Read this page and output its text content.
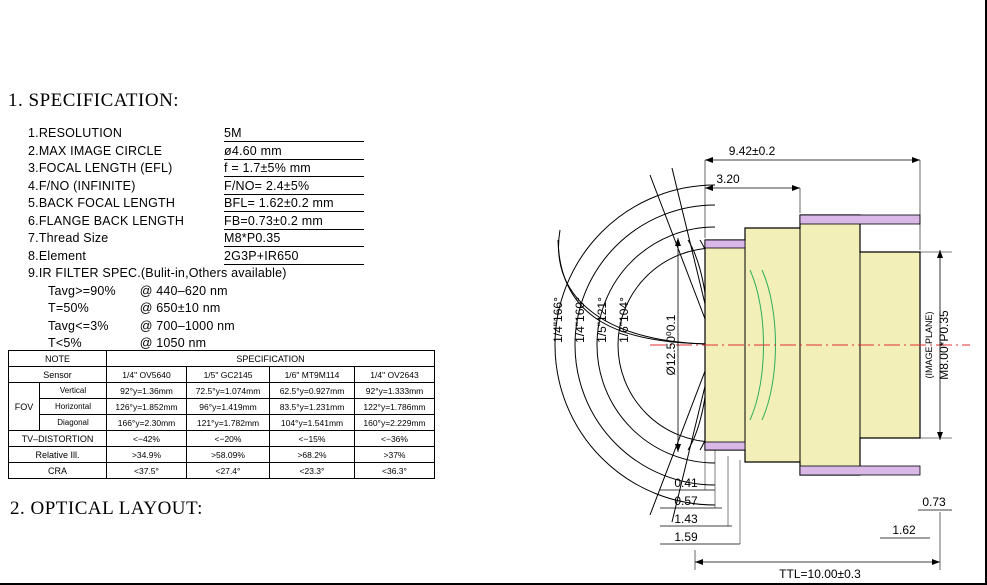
1. SPECIFICATION:
1.RESOLUTION	5M
2.MAX IMAGE CIRCLE	ø4.60 mm
3.FOCAL LENGTH (EFL)	f = 1.7±5% mm
4.F/NO (INFINITE)	F/NO= 2.4±5%
5.BACK FOCAL LENGTH	BFL= 1.62±0.2 mm
6.FLANGE BACK LENGTH	FB=0.73±0.2 mm
7.Thread Size	M8*P0.35
8.Element	2G3P+IR650
9.IR FILTER SPEC.(Bulit-in,Others available)
Tavg>=90% @ 440–620 nm
T=50%	@ 650±10 nm
Tavg<=3% @ 700–1000 nm
T<5%	@ 1050 nm
NOTE		SPECIFICATION			
Sensor		1/4" OV5640	1/5" GC2145	1/6" MT9M114	1/4" OV2643
FOV	Vertical	92°y=1.36mm	72.5°y=1.074mm	62.5°y=0.927mm	92°y=1.333mm
	Horizontal	126°y=1.852mm	96°y=1.419mm	83.5°y=1.231mm	122°y=1.786mm
	Diagonal	166°y=2.30mm	121°y=1.782mm	104°y=1.541mm	160°y=2.229mm
TV–DISTORTION		<−42%	<−20%	<−15%	<−36%
Relative Ill.		>34.9%	>58.09%	>68.2%	>37%
CRA		<37.5°	<27.4°	<23.3°	<36.3°
2. OPTICAL LAYOUT:
9.42±0.2
3.20
Ø12.50⁰0.1	M8.00*P0.35
(IMAGE PLANE)
0.73
1.62
0.41
0.57
1.43
1.59
TTL=10.00±0.3
1/4"166° 1/4"160° 1/5"121° 1/6"104°
